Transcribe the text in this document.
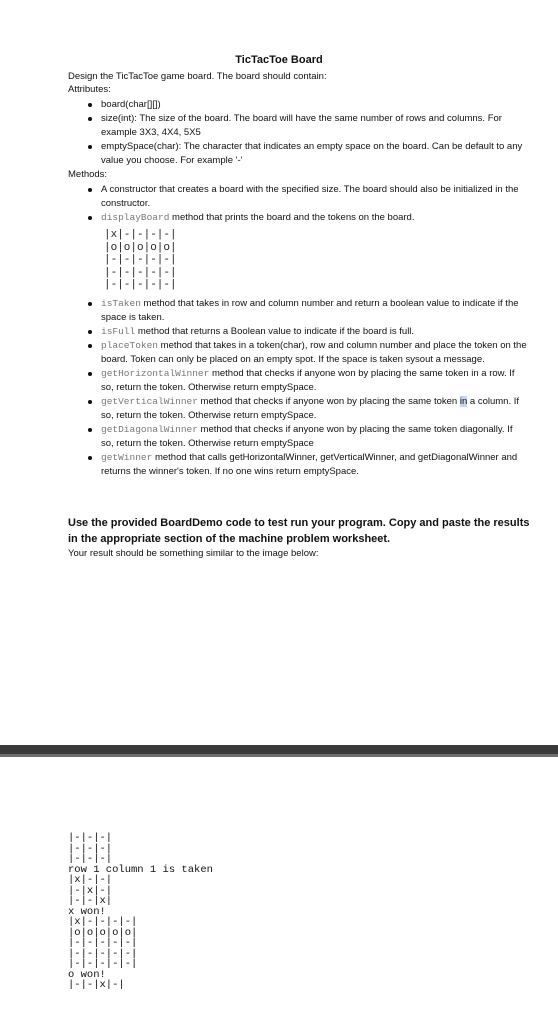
TicTacToe Board
Design the TicTacToe game board. The board should contain:
Attributes:
board(char[][])
size(int): The size of the board. The board will have the same number of rows and columns. For example 3X3, 4X4, 5X5
emptySpace(char): The character that indicates an empty space on the board. Can be default to any value you choose. For example '-'
Methods:
A constructor that creates a board with the specified size. The board should also be initialized in the constructor.
displayBoard method that prints the board and the tokens on the board.
|x|-|-|-|-|
|o|o|o|o|o|
|-|-|-|-|-|
|-|-|-|-|-|
|-|-|-|-|-|
isTaken method that takes in row and column number and return a boolean value to indicate if the space is taken.
isFull method that returns a Boolean value to indicate if the board is full.
placeToken method that takes in a token(char), row and column number and place the token on the board. Token can only be placed on an empty spot. If the space is taken sysout a message.
getHorizontalWinner method that checks if anyone won by placing the same token in a row. If so, return the token. Otherwise return emptySpace.
getVerticalWinner method that checks if anyone won by placing the same token in a column. If so, return the token. Otherwise return emptySpace.
getDiagonalWinner method that checks if anyone won by placing the same token diagonally. If so, return the token. Otherwise return emptySpace
getWinner method that calls getHorizontalWinner, getVerticalWinner, and getDiagonalWinner and returns the winner's token. If no one wins return emptySpace.
Use the provided BoardDemo code to test run your program. Copy and paste the results in the appropriate section of the machine problem worksheet.
Your result should be something similar to the image below:
|-|-|-|
|-|-|-|
|-|-|-|
row 1 column 1 is taken
|x|-|-|
|-|x|-|
|-|-|x|
x won!
|x|-|-|-|-|
|o|o|o|o|o|
|-|-|-|-|-|
|-|-|-|-|-|
|-|-|-|-|-|
o won!
|-|-|x|-|
